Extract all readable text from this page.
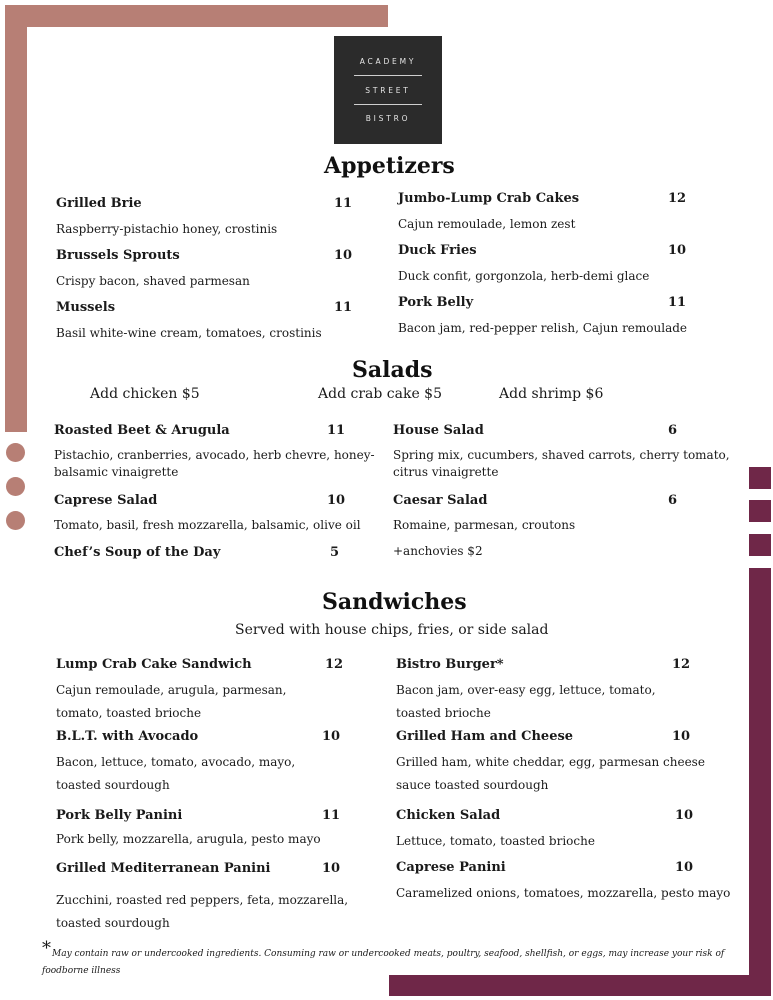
ACADEMY
STREET
BISTRO
Appetizers
Grilled Brie	11
Raspberry-pistachio honey, crostinis
Brussels Sprouts	10
Crispy bacon, shaved parmesan
Mussels	11
Basil white-wine cream, tomatoes, crostinis
Jumbo-Lump Crab Cakes	12
Cajun remoulade, lemon zest
Duck Fries	10
Duck confit, gorgonzola, herb-demi glace
Pork Belly	11
Bacon jam, red-pepper relish, Cajun remoulade
Salads
Add chicken $5	Add crab cake $5	Add shrimp $6
Roasted Beet & Arugula	11
Pistachio, cranberries, avocado, herb chevre, honey-
balsamic vinaigrette
Caprese Salad	10
Tomato, basil, fresh mozzarella, balsamic, olive oil
Chef’s Soup of the Day	5
House Salad	6
Spring mix, cucumbers, shaved carrots, cherry tomato,
citrus vinaigrette
Caesar Salad	6
Romaine, parmesan, croutons
+anchovies $2
Sandwiches
Served with house chips, fries, or side salad
Lump Crab Cake Sandwich	12
Cajun remoulade, arugula, parmesan,
tomato, toasted brioche
B.L.T. with Avocado	10
Bacon, lettuce, tomato, avocado, mayo,
toasted sourdough
Pork Belly Panini	11
Pork belly, mozzarella, arugula, pesto mayo
Grilled Mediterranean Panini	10
Zucchini, roasted red peppers, feta, mozzarella,
toasted sourdough
Bistro Burger*	12
Bacon jam, over-easy egg, lettuce, tomato,
toasted brioche
Grilled Ham and Cheese	10
Grilled ham, white cheddar, egg, parmesan cheese
sauce toasted sourdough
Chicken Salad	10
Lettuce, tomato, toasted brioche
Caprese Panini	10
Caramelized onions, tomatoes, mozzarella, pesto mayo
* May contain raw or undercooked ingredients. Consuming raw or undercooked meats, poultry, seafood, shellfish, or eggs, may increase your risk of
foodborne illness
